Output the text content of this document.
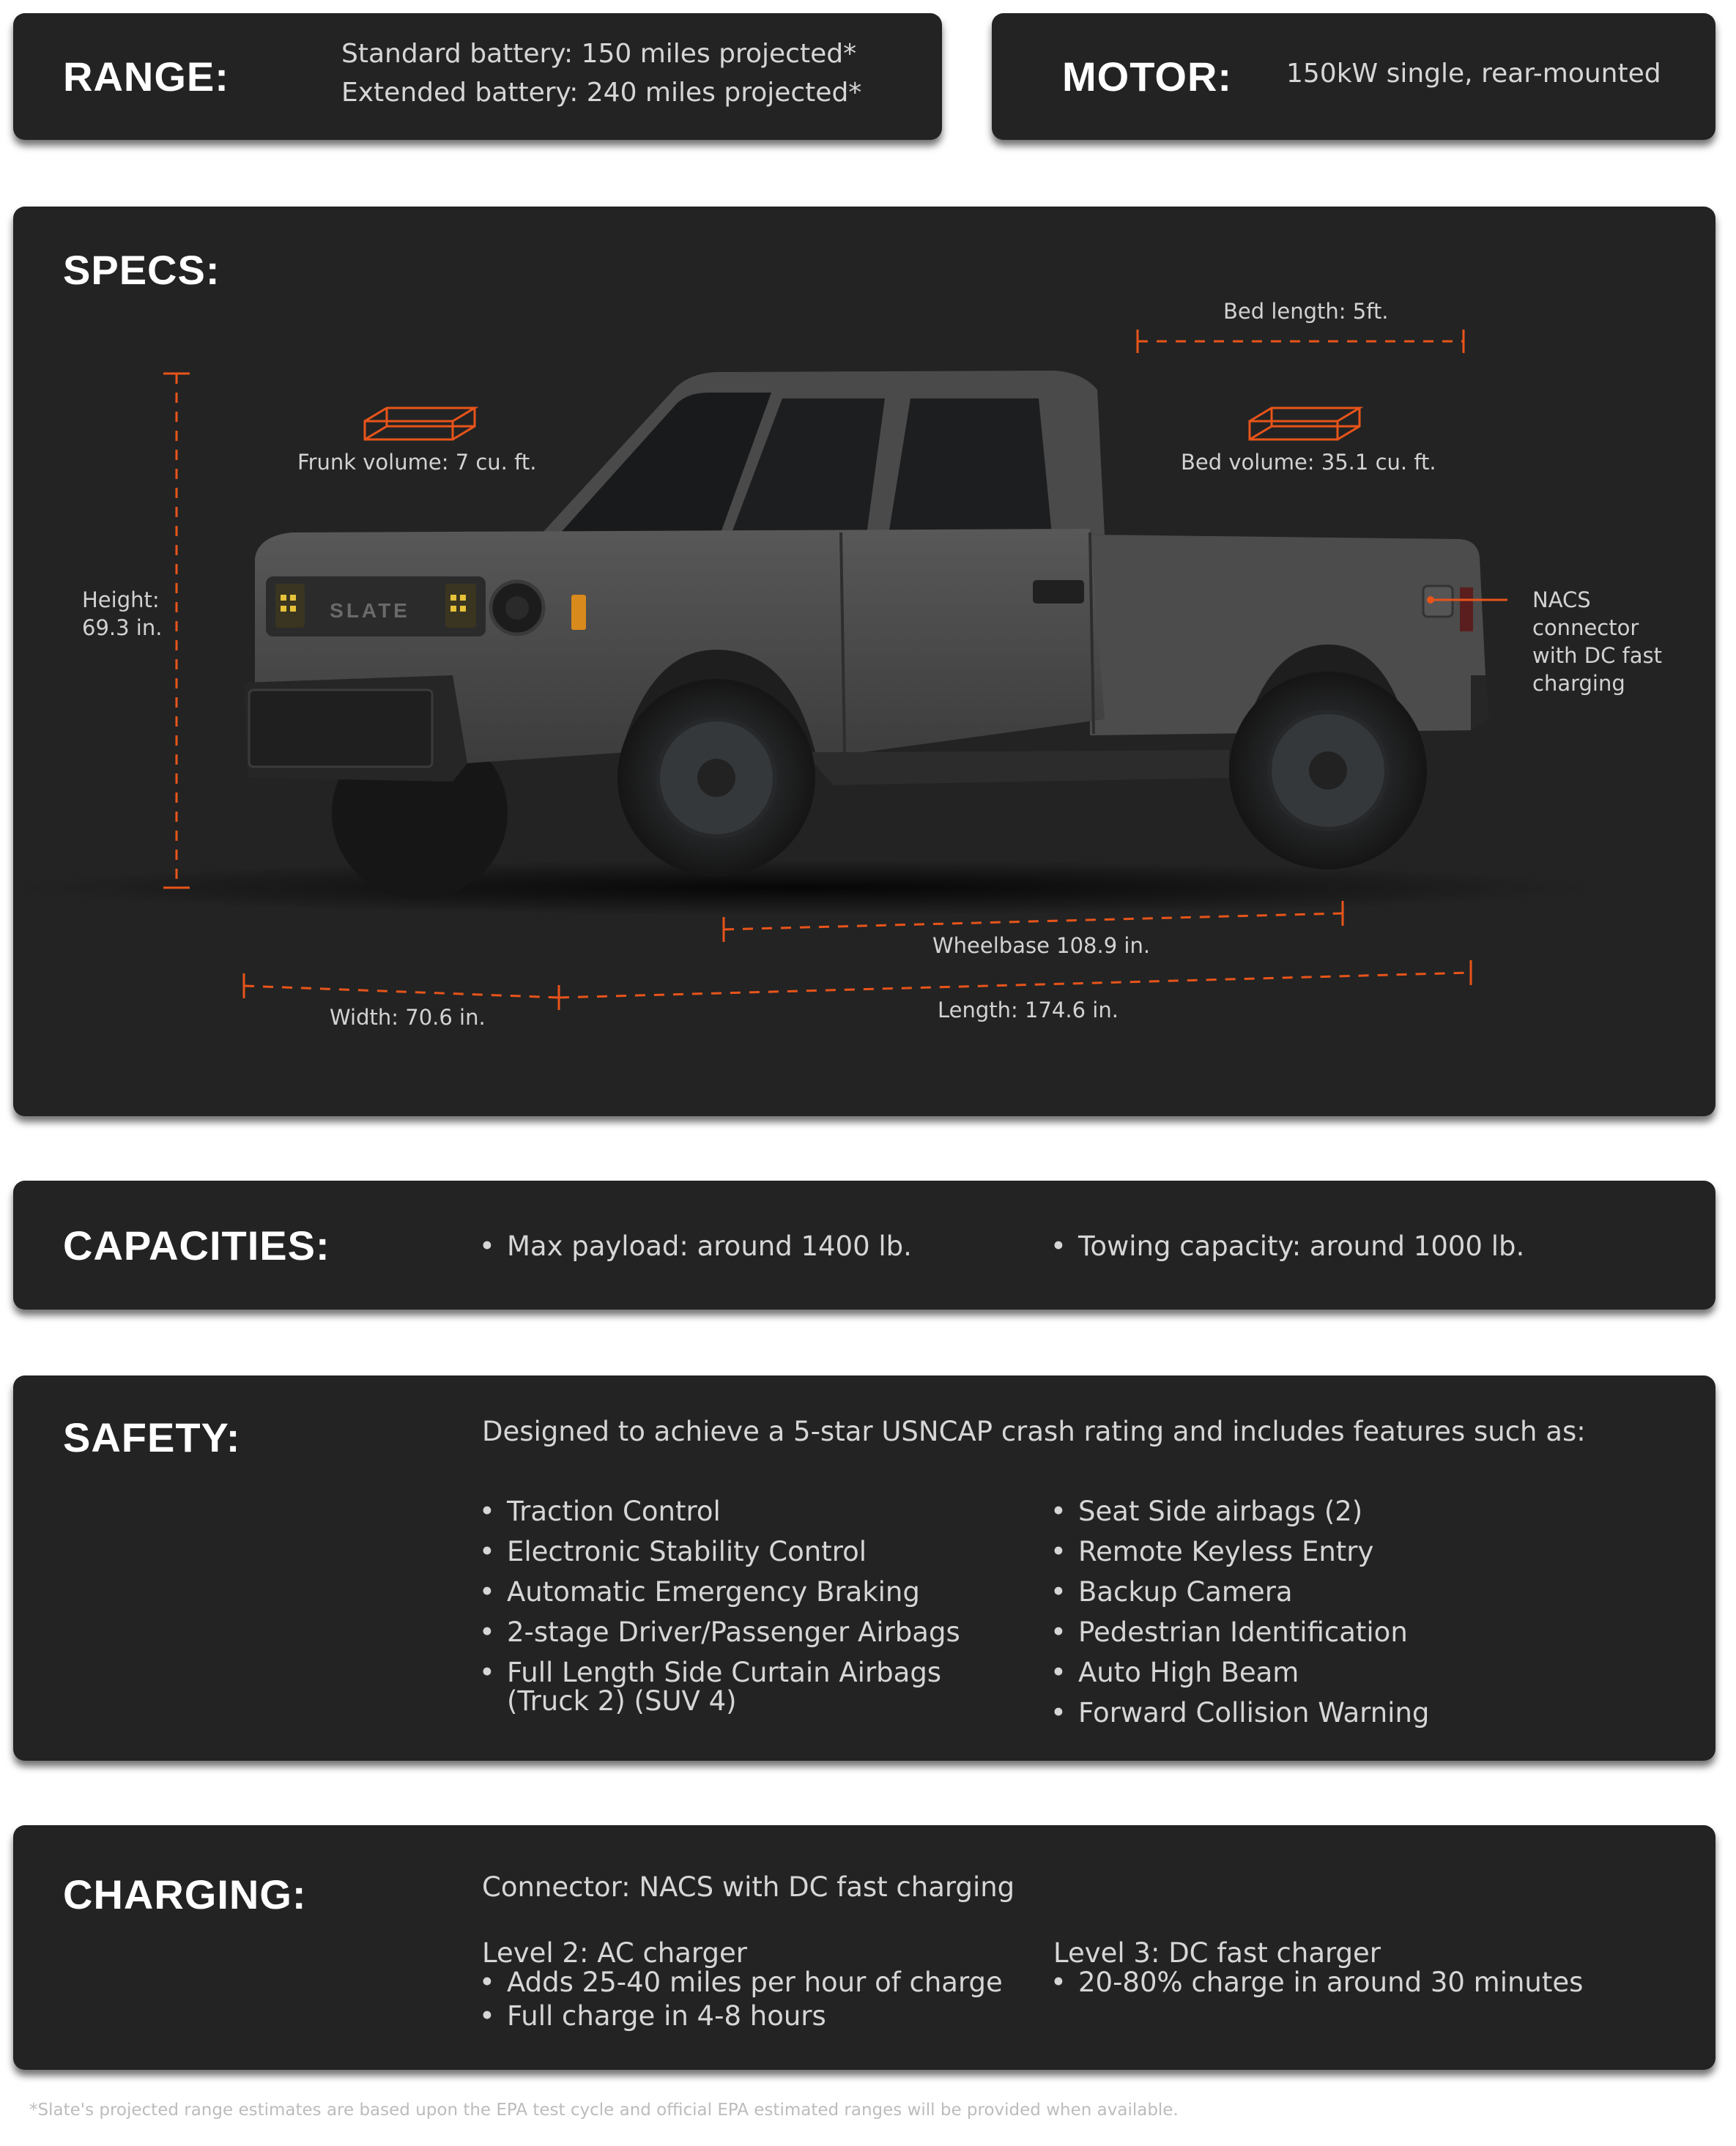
RANGE:	Standard battery: 150 miles projected*
Extended battery: 240 miles projected*	MOTOR: 150kW single, rear-mounted
SPECS:
SLATE
Bed length: 5ft.
Frunk volume: 7 cu. ft.	Bed volume: 35.1 cu. ft.
Height:
69.3 in.
NACS
connector
with DC fast
charging
Wheelbase 108.9 in.
Width: 70.6 in.	Length: 174.6 in.
CAPACITIES:	• Max payload: around 1400 lb.	• Towing capacity: around 1000 lb.
SAFETY:	Designed to achieve a 5-star USNCAP crash rating and includes features such as:
• Traction Control
• Electronic Stability Control
• Automatic Emergency Braking
• 2-stage Driver/Passenger Airbags
• Full Length Side Curtain Airbags
(Truck 2) (SUV 4)
• Seat Side airbags (2)
• Remote Keyless Entry
• Backup Camera
• Pedestrian Identification
• Auto High Beam
• Forward Collision Warning
CHARGING:	Connector: NACS with DC fast charging
Level 2: AC charger
• Adds 25-40 miles per hour of charge
• Full charge in 4-8 hours
Level 3: DC fast charger
• 20-80% charge in around 30 minutes
*Slate's projected range estimates are based upon the EPA test cycle and official EPA estimated ranges will be provided when available.
